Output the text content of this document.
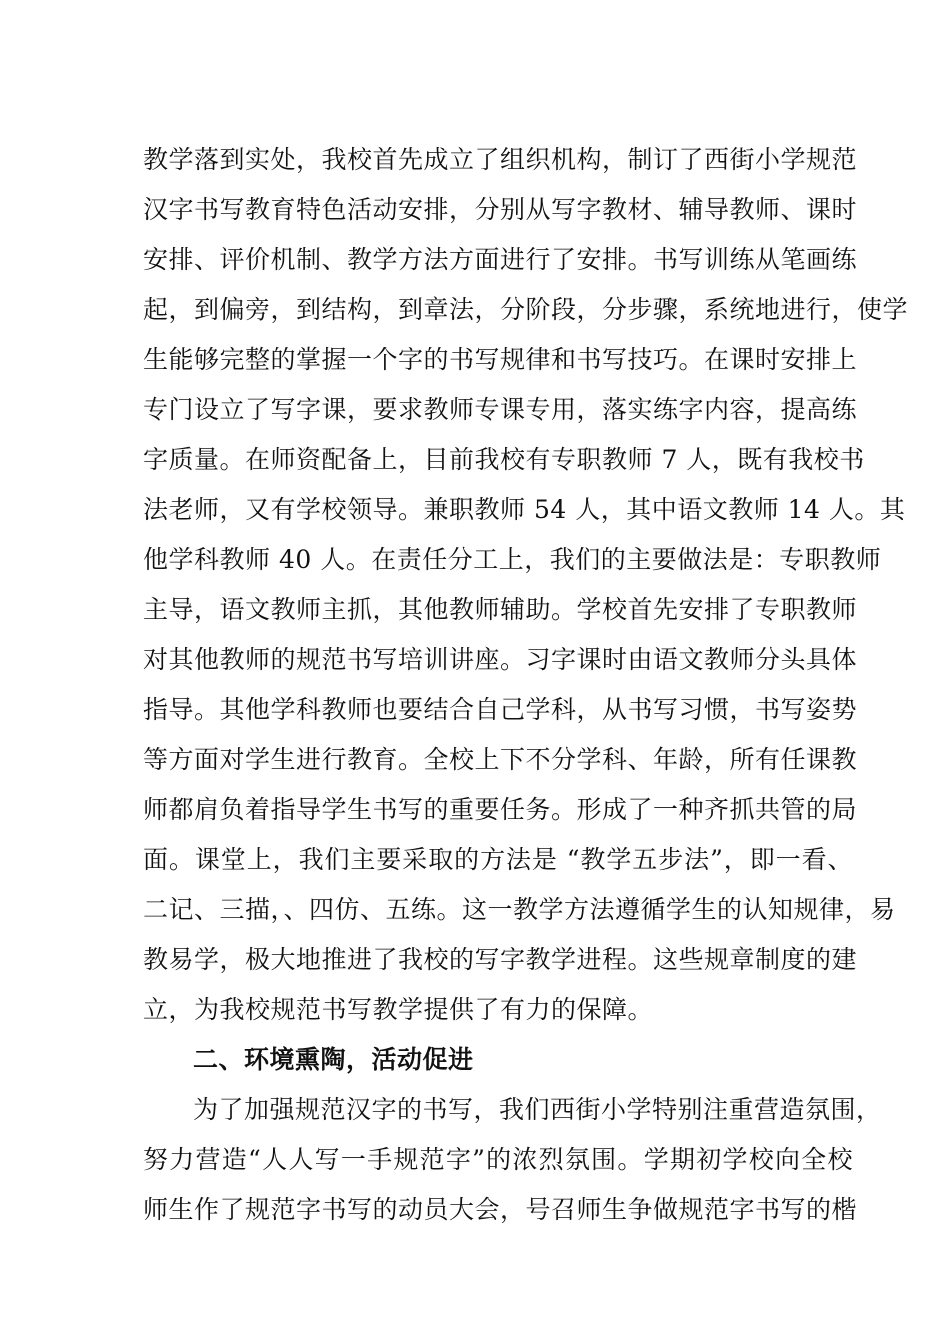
教学落到实处，我校首先成立了组织机构，制订了西街小学规范
汉字书写教育特色活动安排，分别从写字教材、辅导教师、课时
安排、评价机制、教学方法方面进行了安排。书写训练从笔画练
起，到偏旁，到结构，到章法，分阶段，分步骤，系统地进行，使学
生能够完整的掌握一个字的书写规律和书写技巧。在课时安排上
专门设立了写字课，要求教师专课专用，落实练字内容，提高练
字质量。在师资配备上，目前我校有专职教师 7 人，既有我校书
法老师，又有学校领导。兼职教师 54 人，其中语文教师 14 人。其
他学科教师 40 人。在责任分工上，我们的主要做法是：专职教师
主导，语文教师主抓，其他教师辅助。学校首先安排了专职教师
对其他教师的规范书写培训讲座。习字课时由语文教师分头具体
指导。其他学科教师也要结合自己学科，从书写习惯，书写姿势
等方面对学生进行教育。全校上下不分学科、年龄，所有任课教
师都肩负着指导学生书写的重要任务。形成了一种齐抓共管的局
面。课堂上，我们主要采取的方法是 “教学五步法”，即一看、
二记、三描，、四仿、五练。这一教学方法遵循学生的认知规律，易
教易学，极大地推进了我校的写字教学进程。这些规章制度的建
立，为我校规范书写教学提供了有力的保障。
二、环境熏陶，活动促进
为了加强规范汉字的书写，我们西街小学特别注重营造氛围，
努力营造“人人写一手规范字”的浓烈氛围。学期初学校向全校
师生作了规范字书写的动员大会，号召师生争做规范字书写的楷
